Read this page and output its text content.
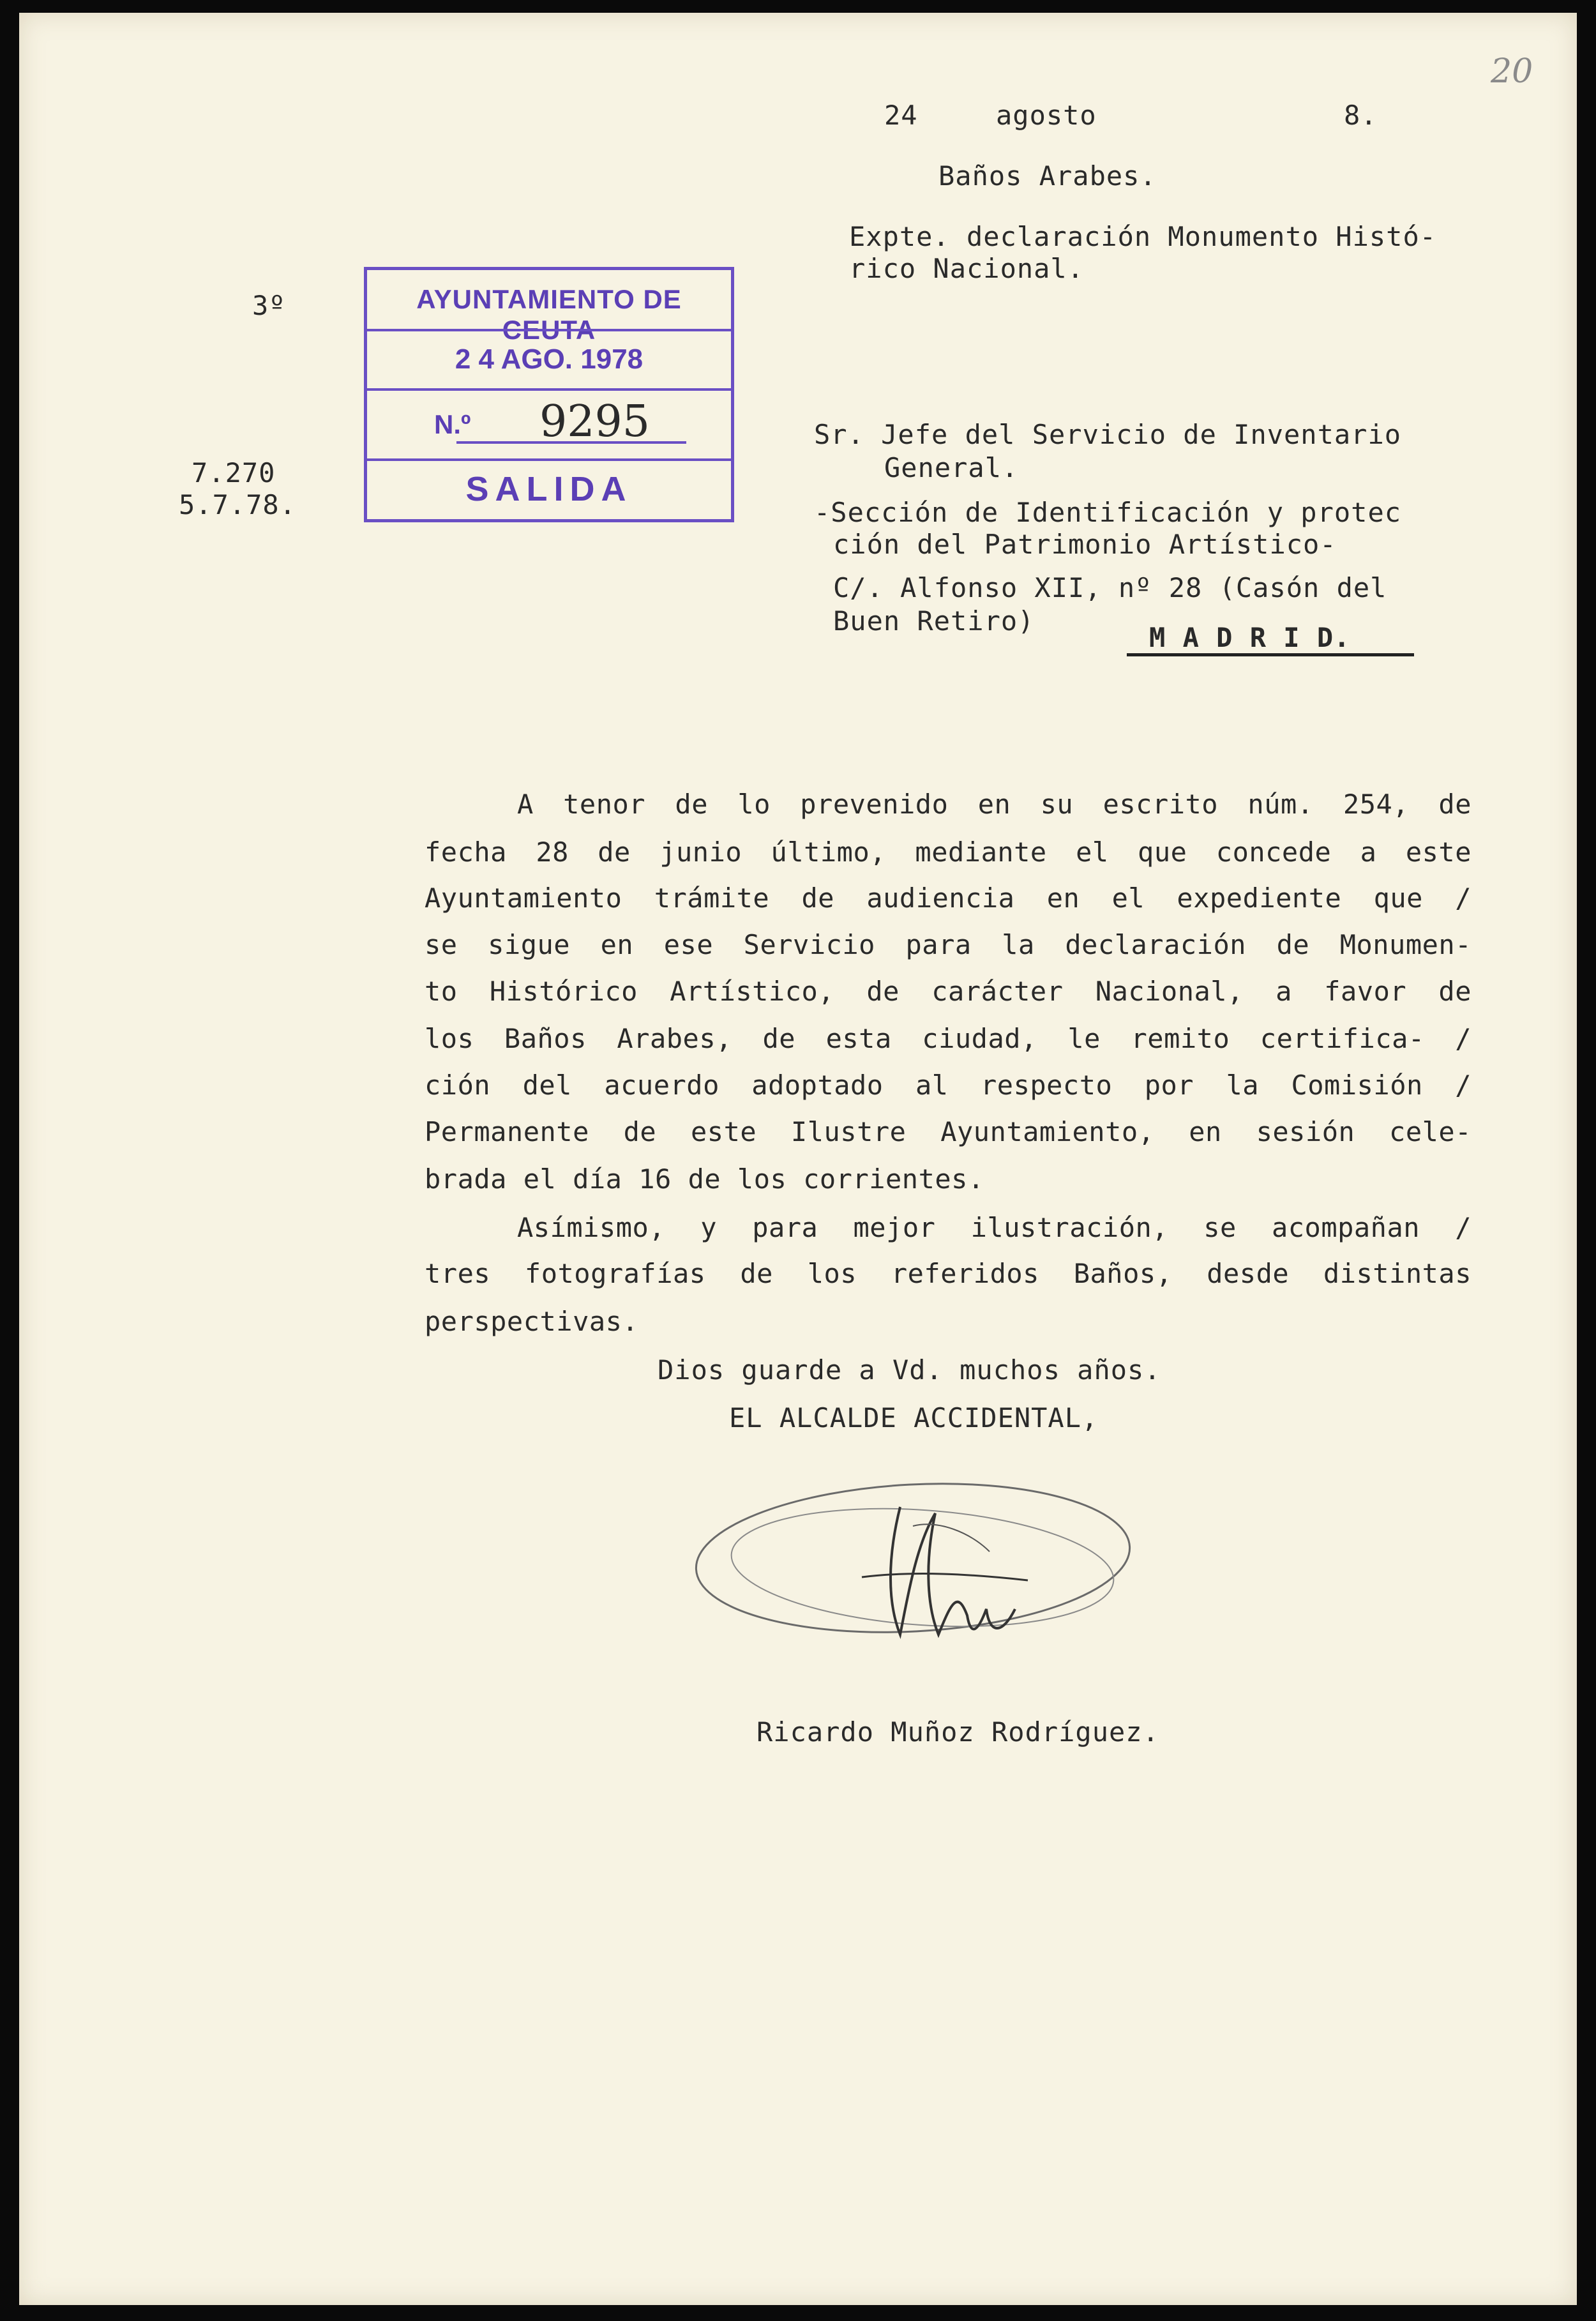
20
24	agosto	8.
Baños Arabes.
Expte. declaración Monumento Histó-
rico Nacional.
3º
7.270
5.7.78.
AYUNTAMIENTO DE CEUTA
2 4 AGO. 1978
N.º 9295
SALIDA
Sr. Jefe del Servicio de Inventario
General.
-Sección de Identificación y protec
ción del Patrimonio Artístico-
C/. Alfonso XII, nº 28 (Casón del
Buen Retiro)
M A D R I D.
A tenor de lo prevenido en su escrito núm. 254, de
fecha 28 de junio último, mediante el que concede a este
Ayuntamiento trámite de audiencia en el expediente que /
se sigue en ese Servicio para la declaración de Monumen-
to Histórico Artístico, de carácter Nacional, a favor de
los Baños Arabes, de esta ciudad, le remito certifica- /
ción del acuerdo adoptado al respecto por la Comisión /
Permanente de este Ilustre Ayuntamiento, en sesión cele-
brada el día 16 de los corrientes.
Asímismo, y para mejor ilustración, se acompañan /
tres fotografías de los referidos Baños, desde distintas
perspectivas.
Dios guarde a Vd. muchos años.
EL ALCALDE ACCIDENTAL,
Ricardo Muñoz Rodríguez.
